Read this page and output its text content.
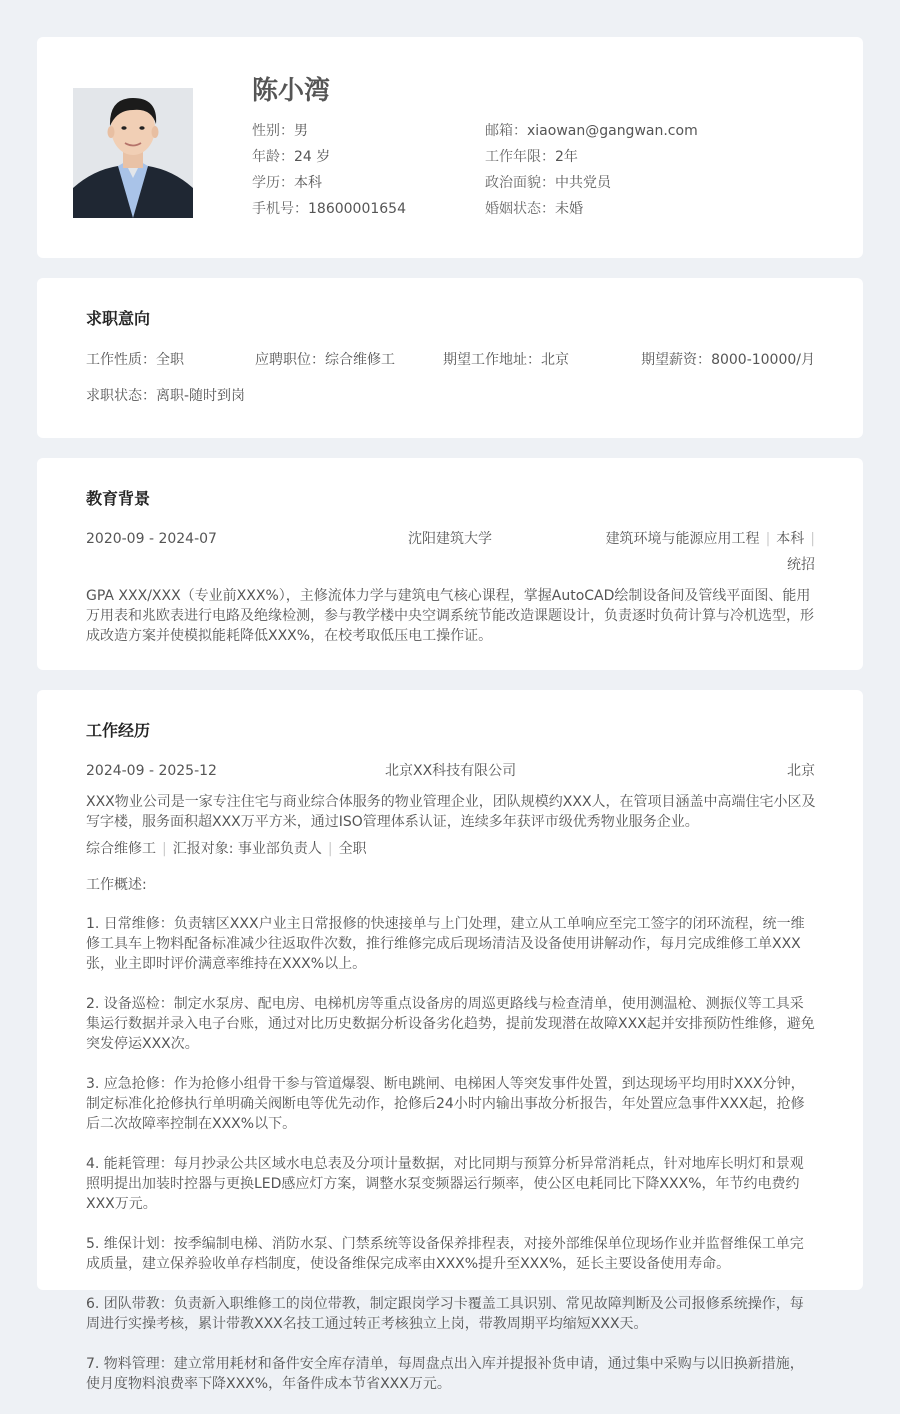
陈小湾
性别：男
年龄：24 岁
学历：本科
手机号：18600001654
邮箱：xiaowan@gangwan.com
工作年限：2年
政治面貌：中共党员
婚姻状态：未婚
求职意向
工作性质：全职	应聘职位：综合维修工	期望工作地址：北京	期望薪资：8000-10000/月
求职状态：离职-随时到岗
教育背景
2020-09 - 2024-07	沈阳建筑大学	建筑环境与能源应用工程 | 本科 |
统招
GPA XXX/XXX（专业前XXX%），主修流体力学与建筑电气核心课程，掌握AutoCAD绘制设备间及管线平面图、能用万用表和兆欧表进行电路及绝缘检测，参与教学楼中央空调系统节能改造课题设计，负责逐时负荷计算与冷机选型，形成改造方案并使模拟能耗降低XXX%，在校考取低压电工操作证。
工作经历
2024-09 - 2025-12	北京XX科技有限公司	北京
XXX物业公司是一家专注住宅与商业综合体服务的物业管理企业，团队规模约XXX人，在管项目涵盖中高端住宅小区及写字楼，服务面积超XXX万平方米，通过ISO管理体系认证，连续多年获评市级优秀物业服务企业。
综合维修工 | 汇报对象: 事业部负责人 | 全职
工作概述:

1. 日常维修：负责辖区XXX户业主日常报修的快速接单与上门处理，建立从工单响应至完工签字的闭环流程，统一维修工具车上物料配备标准减少往返取件次数，推行维修完成后现场清洁及设备使用讲解动作，每月完成维修工单XXX张，业主即时评价满意率维持在XXX%以上。

2. 设备巡检：制定水泵房、配电房、电梯机房等重点设备房的周巡更路线与检查清单，使用测温枪、测振仪等工具采集运行数据并录入电子台账，通过对比历史数据分析设备劣化趋势，提前发现潜在故障XXX起并安排预防性维修，避免突发停运XXX次。

3. 应急抢修：作为抢修小组骨干参与管道爆裂、断电跳闸、电梯困人等突发事件处置，到达现场平均用时XXX分钟，制定标准化抢修执行单明确关阀断电等优先动作，抢修后24小时内输出事故分析报告，年处置应急事件XXX起，抢修后二次故障率控制在XXX%以下。

4. 能耗管理：每月抄录公共区域水电总表及分项计量数据，对比同期与预算分析异常消耗点，针对地库长明灯和景观照明提出加装时控器与更换LED感应灯方案，调整水泵变频器运行频率，使公区电耗同比下降XXX%，年节约电费约XXX万元。

5. 维保计划：按季编制电梯、消防水泵、门禁系统等设备保养排程表，对接外部维保单位现场作业并监督维保工单完成质量，建立保养验收单存档制度，使设备维保完成率由XXX%提升至XXX%，延长主要设备使用寿命。

6. 团队带教：负责新入职维修工的岗位带教，制定跟岗学习卡覆盖工具识别、常见故障判断及公司报修系统操作，每周进行实操考核，累计带教XXX名技工通过转正考核独立上岗，带教周期平均缩短XXX天。

7. 物料管理：建立常用耗材和备件安全库存清单，每周盘点出入库并提报补货申请，通过集中采购与以旧换新措施，使月度物料浪费率下降XXX%，年备件成本节省XXX万元。
